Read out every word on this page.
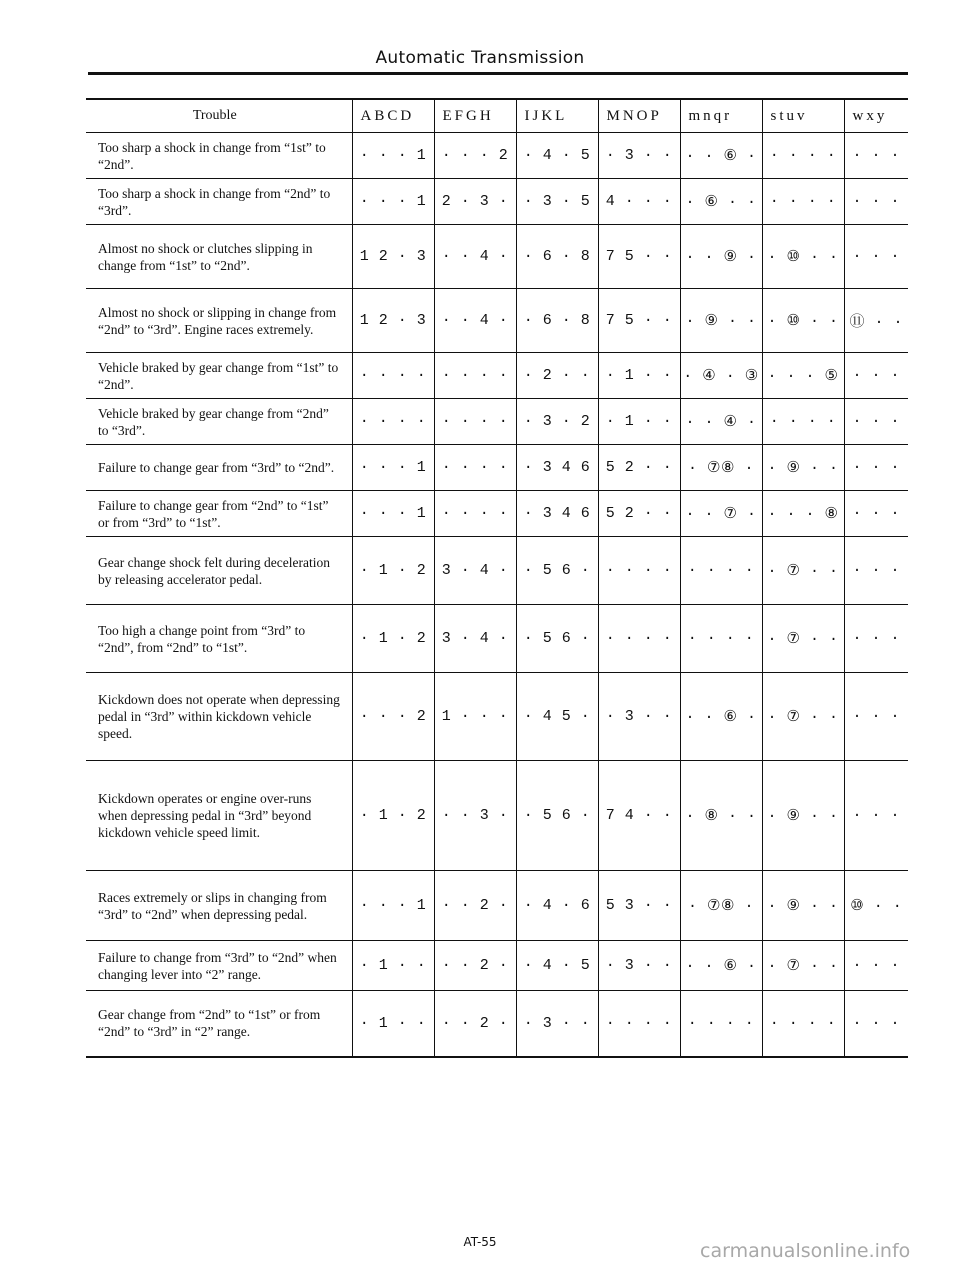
Automatic Transmission
Trouble	ABCD	EFGH	IJKL	MNOP	mnqr	stuv	wxy
Too sharp a shock in change from “1st” to “2nd”.	· · · 1	· · · 2	· 4 · 5	· 3 · ·	· · ⑥ ·	· · · ·	· · ·
Too sharp a shock in change from “2nd” to “3rd”.	· · · 1	2 · 3 ·	· 3 · 5	4 · · ·	· ⑥ · ·	· · · ·	· · ·
Almost no shock or clutches slipping in change from “1st” to “2nd”.	1 2 · 3	· · 4 ·	· 6 · 8	7 5 · ·	· · ⑨ ·	· ⑩ · ·	· · ·
Almost no shock or slipping in change from “2nd” to “3rd”. Engine races extremely.	1 2 · 3	· · 4 ·	· 6 · 8	7 5 · ·	· ⑨ · ·	· ⑩ · ·	⑪ · ·
Vehicle braked by gear change from “1st” to “2nd”.	· · · ·	· · · ·	· 2 · ·	· 1 · ·	· ④ · ③	· · · ⑤	· · ·
Vehicle braked by gear change from “2nd” to “3rd”.	· · · ·	· · · ·	· 3 · 2	· 1 · ·	· · ④ ·	· · · ·	· · ·
Failure to change gear from “3rd” to “2nd”.	· · · 1	· · · ·	· 3 4 6	5 2 · ·	· ⑦⑧ ·	· ⑨ · ·	· · ·
Failure to change gear from “2nd” to “1st” or from “3rd” to “1st”.	· · · 1	· · · ·	· 3 4 6	5 2 · ·	· · ⑦ ·	· · · ⑧	· · ·
Gear change shock felt during deceleration by releasing accelerator pedal.	· 1 · 2	3 · 4 ·	· 5 6 ·	· · · ·	· · · ·	· ⑦ · ·	· · ·
Too high a change point from “3rd” to “2nd”, from “2nd” to “1st”.	· 1 · 2	3 · 4 ·	· 5 6 ·	· · · ·	· · · ·	· ⑦ · ·	· · ·
Kickdown does not operate when depressing pedal in “3rd” within kickdown vehicle speed.	· · · 2	1 · · ·	· 4 5 ·	· 3 · ·	· · ⑥ ·	· ⑦ · ·	· · ·
Kickdown operates or engine over-runs when depressing pedal in “3rd” beyond kickdown vehicle speed limit.	· 1 · 2	· · 3 ·	· 5 6 ·	7 4 · ·	· ⑧ · ·	· ⑨ · ·	· · ·
Races extremely or slips in changing from “3rd” to “2nd” when depressing pedal.	· · · 1	· · 2 ·	· 4 · 6	5 3 · ·	· ⑦⑧ ·	· ⑨ · ·	⑩ · ·
Failure to change from “3rd” to “2nd” when changing lever into “2” range.	· 1 · ·	· · 2 ·	· 4 · 5	· 3 · ·	· · ⑥ ·	· ⑦ · ·	· · ·
Gear change from “2nd” to “1st” or from “2nd” to “3rd” in “2” range.	· 1 · ·	· · 2 ·	· 3 · ·	· · · ·	· · · ·	· · · ·	· · ·
AT-55	carmanualsonline.info
